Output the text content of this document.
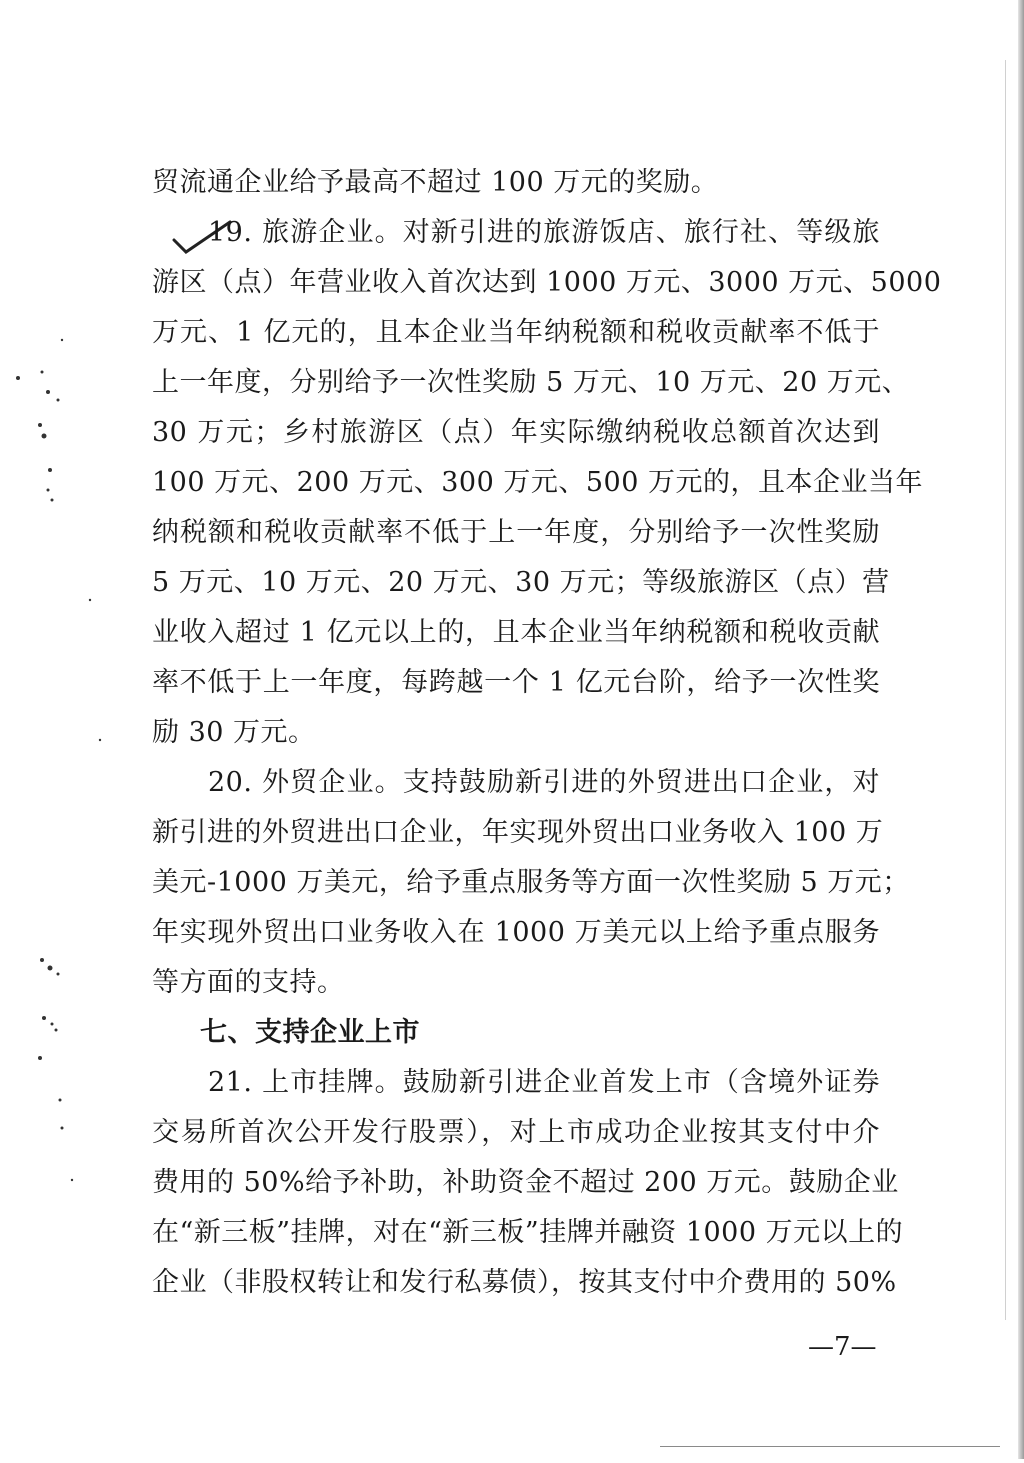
贸流通企业给予最高不超过 100 万元的奖励。
19. 旅游企业。对新引进的旅游饭店、旅行社、等级旅
游区（点）年营业收入首次达到 1000 万元、3000 万元、5000
万元、1 亿元的，且本企业当年纳税额和税收贡献率不低于
上一年度，分别给予一次性奖励 5 万元、10 万元、20 万元、
30 万元；乡村旅游区（点）年实际缴纳税收总额首次达到
100 万元、200 万元、300 万元、500 万元的，且本企业当年
纳税额和税收贡献率不低于上一年度，分别给予一次性奖励
5 万元、10 万元、20 万元、30 万元；等级旅游区（点）营
业收入超过 1 亿元以上的，且本企业当年纳税额和税收贡献
率不低于上一年度，每跨越一个 1 亿元台阶，给予一次性奖
励 30 万元。
20. 外贸企业。支持鼓励新引进的外贸进出口企业，对
新引进的外贸进出口企业，年实现外贸出口业务收入 100 万
美元-1000 万美元，给予重点服务等方面一次性奖励 5 万元；
年实现外贸出口业务收入在 1000 万美元以上给予重点服务
等方面的支持。
七、支持企业上市
21. 上市挂牌。鼓励新引进企业首发上市（含境外证券
交易所首次公开发行股票），对上市成功企业按其支付中介
费用的 50%给予补助，补助资金不超过 200 万元。鼓励企业
在“新三板”挂牌，对在“新三板”挂牌并融资 1000 万元以上的
企业（非股权转让和发行私募债），按其支付中介费用的 50%
—7—
